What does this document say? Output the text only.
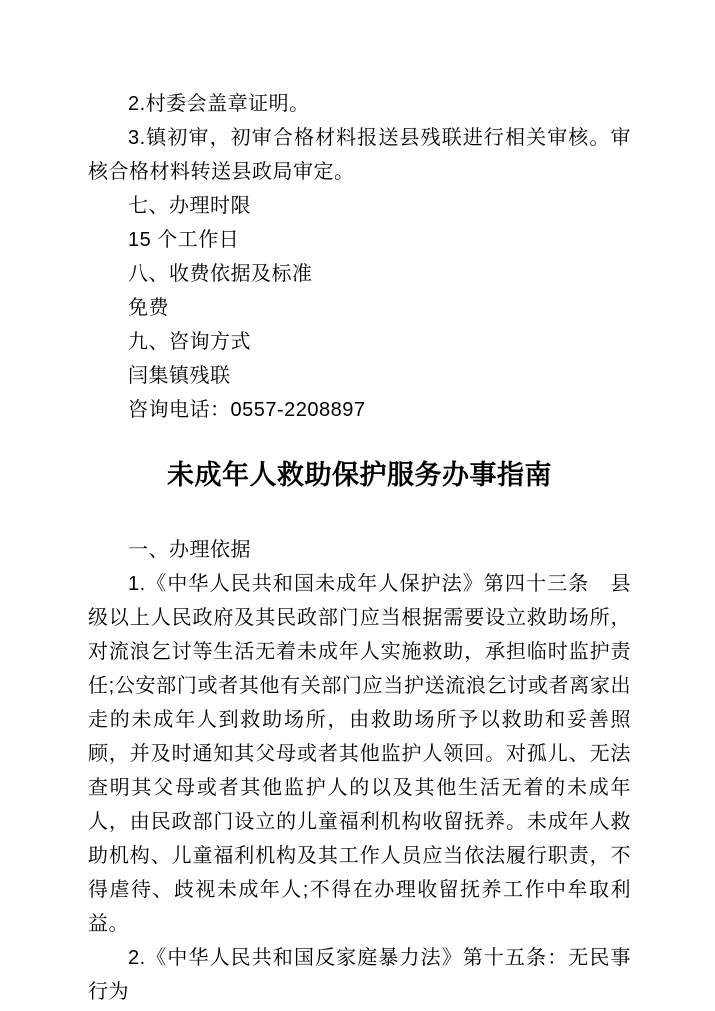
2.村委会盖章证明。

3.镇初审，初审合格材料报送县残联进行相关审核。审核合格材料转送县政局审定。

七、办理时限

15 个工作日

八、收费依据及标准

免费

九、咨询方式

闫集镇残联

咨询电话：0557-2208897

未成年人救助保护服务办事指南

一、办理依据

1.《中华人民共和国未成年人保护法》第四十三条　县级以上人民政府及其民政部门应当根据需要设立救助场所，对流浪乞讨等生活无着未成年人实施救助，承担临时监护责任;公安部门或者其他有关部门应当护送流浪乞讨或者离家出走的未成年人到救助场所，由救助场所予以救助和妥善照顾，并及时通知其父母或者其他监护人领回。对孤儿、无法查明其父母或者其他监护人的以及其他生活无着的未成年人，由民政部门设立的儿童福利机构收留抚养。未成年人救助机构、儿童福利机构及其工作人员应当依法履行职责，不得虐待、歧视未成年人;不得在办理收留抚养工作中牟取利益。

2.《中华人民共和国反家庭暴力法》第十五条：无民事行为
